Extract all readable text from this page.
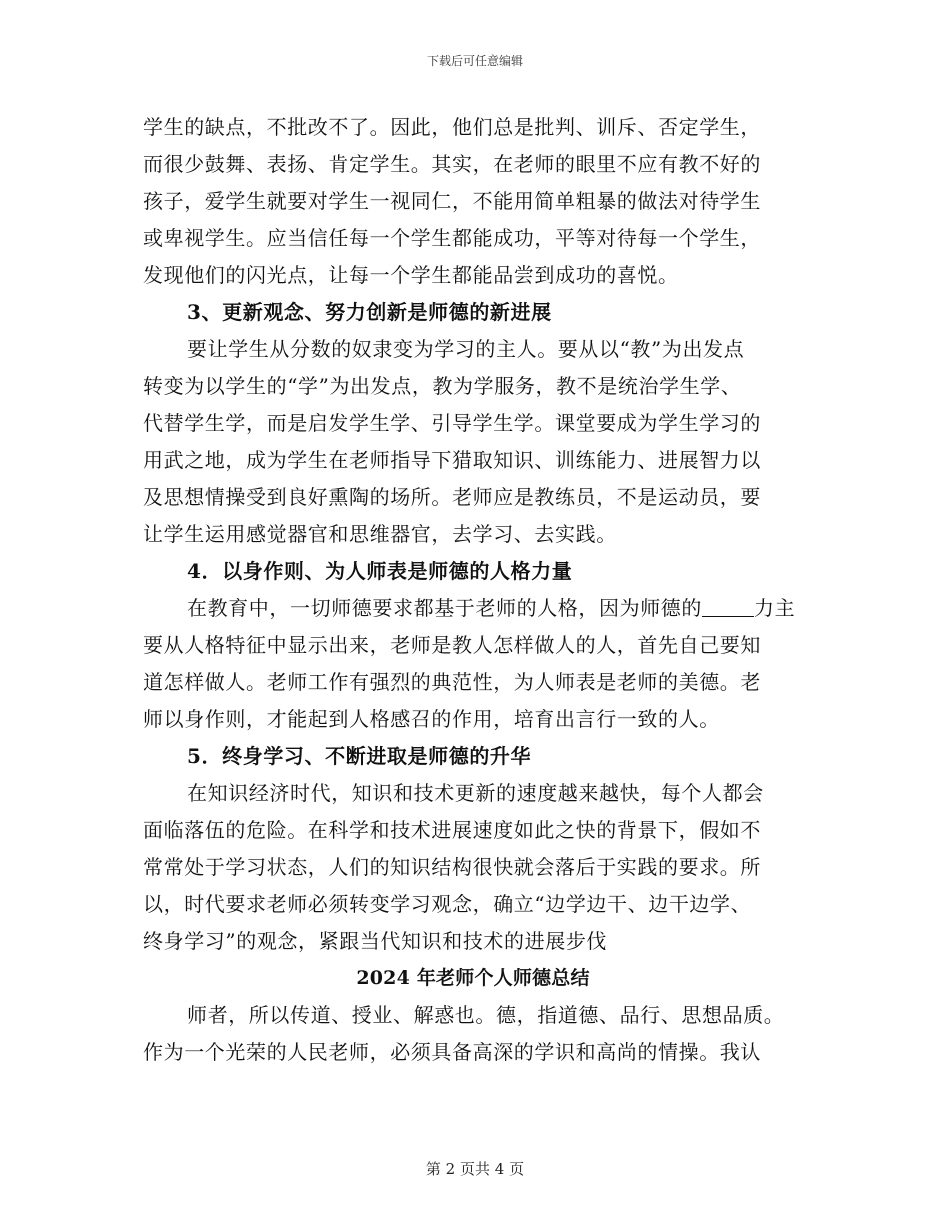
下载后可任意编辑
学生的缺点，不批改不了。因此，他们总是批判、训斥、否定学生，
而很少鼓舞、表扬、肯定学生。其实，在老师的眼里不应有教不好的
孩子，爱学生就要对学生一视同仁，不能用简单粗暴的做法对待学生
或卑视学生。应当信任每一个学生都能成功，平等对待每一个学生，
发现他们的闪光点，让每一个学生都能品尝到成功的喜悦。
3、更新观念、努力创新是师德的新进展
要让学生从分数的奴隶变为学习的主人。要从以“教”为出发点
转变为以学生的“学”为出发点，教为学服务，教不是统治学生学、
代替学生学，而是启发学生学、引导学生学。课堂要成为学生学习的
用武之地，成为学生在老师指导下猎取知识、训练能力、进展智力以
及思想情操受到良好熏陶的场所。老师应是教练员，不是运动员，要
让学生运用感觉器官和思维器官，去学习、去实践。
4．以身作则、为人师表是师德的人格力量
在教育中，一切师德要求都基于老师的人格，因为师德的	力主
要从人格特征中显示出来，老师是教人怎样做人的人，首先自己要知
道怎样做人。老师工作有强烈的典范性，为人师表是老师的美德。老
师以身作则，才能起到人格感召的作用，培育出言行一致的人。
5．终身学习、不断进取是师德的升华
在知识经济时代，知识和技术更新的速度越来越快，每个人都会
面临落伍的危险。在科学和技术进展速度如此之快的背景下，假如不
常常处于学习状态，人们的知识结构很快就会落后于实践的要求。所
以，时代要求老师必须转变学习观念，确立“边学边干、边干边学、
终身学习”的观念，紧跟当代知识和技术的进展步伐
2024 年老师个人师德总结
师者，所以传道、授业、解惑也。德，指道德、品行、思想品质。
作为一个光荣的人民老师，必须具备高深的学识和高尚的情操。我认
第 2 页共 4 页
